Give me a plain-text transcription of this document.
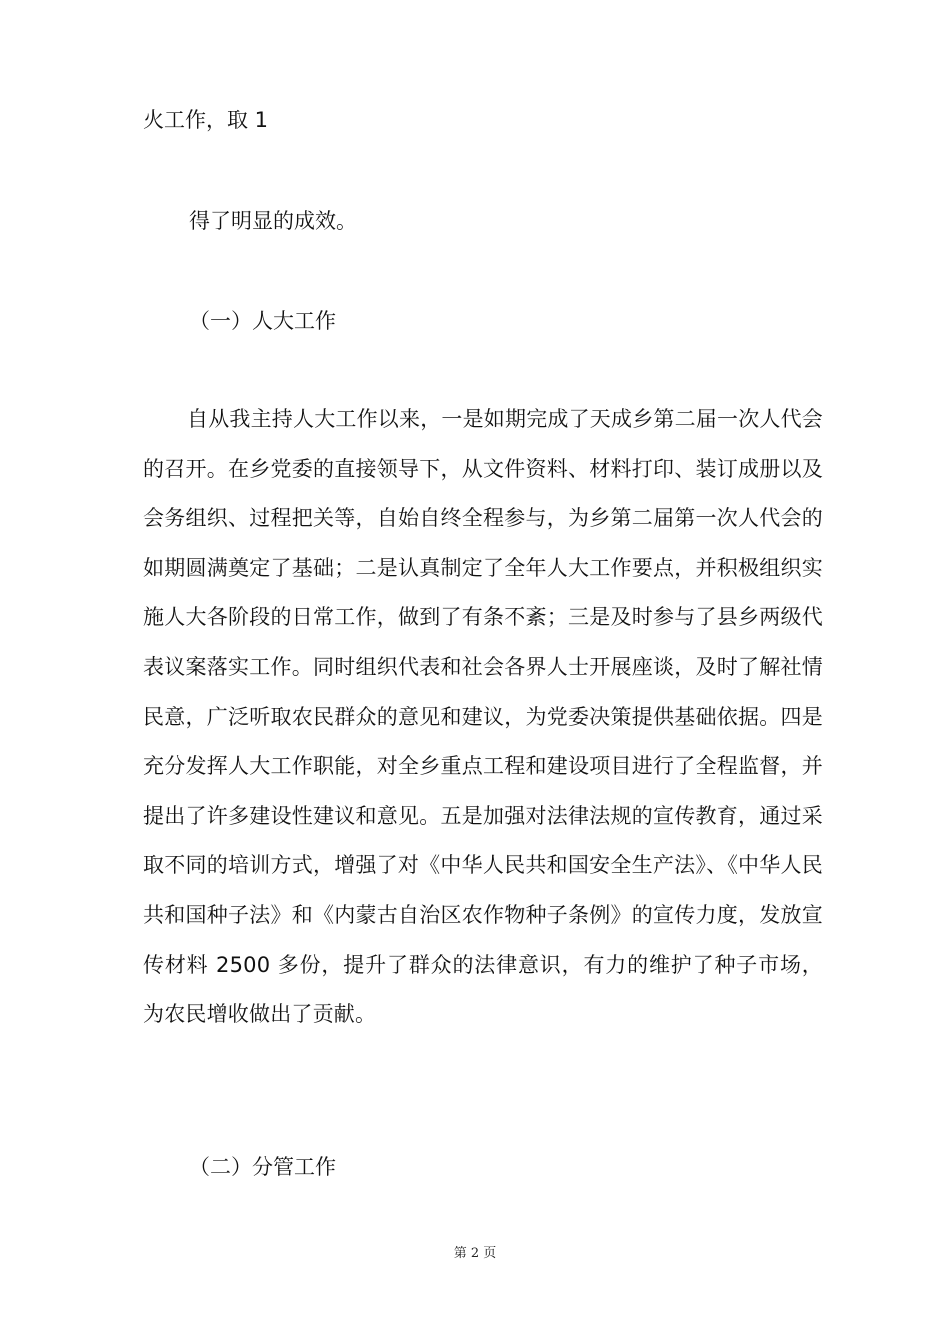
火工作，取 1
得了明显的成效。
（一）人大工作
自从我主持人大工作以来，一是如期完成了天成乡第二届一次人代会的召开。在乡党委的直接领导下，从文件资料、材料打印、装订成册以及会务组织、过程把关等，自始自终全程参与，为乡第二届第一次人代会的如期圆满奠定了基础；二是认真制定了全年人大工作要点，并积极组织实施人大各阶段的日常工作，做到了有条不紊；三是及时参与了县乡两级代表议案落实工作。同时组织代表和社会各界人士开展座谈，及时了解社情民意，广泛听取农民群众的意见和建议，为党委决策提供基础依据。四是充分发挥人大工作职能，对全乡重点工程和建设项目进行了全程监督，并提出了许多建设性建议和意见。五是加强对法律法规的宣传教育，通过采取不同的培训方式，增强了对《中华人民共和国安全生产法》、《中华人民共和国种子法》和《内蒙古自治区农作物种子条例》的宣传力度，发放宣传材料 2500 多份，提升了群众的法律意识，有力的维护了种子市场，为农民增收做出了贡献。
（二）分管工作
第 2 页
